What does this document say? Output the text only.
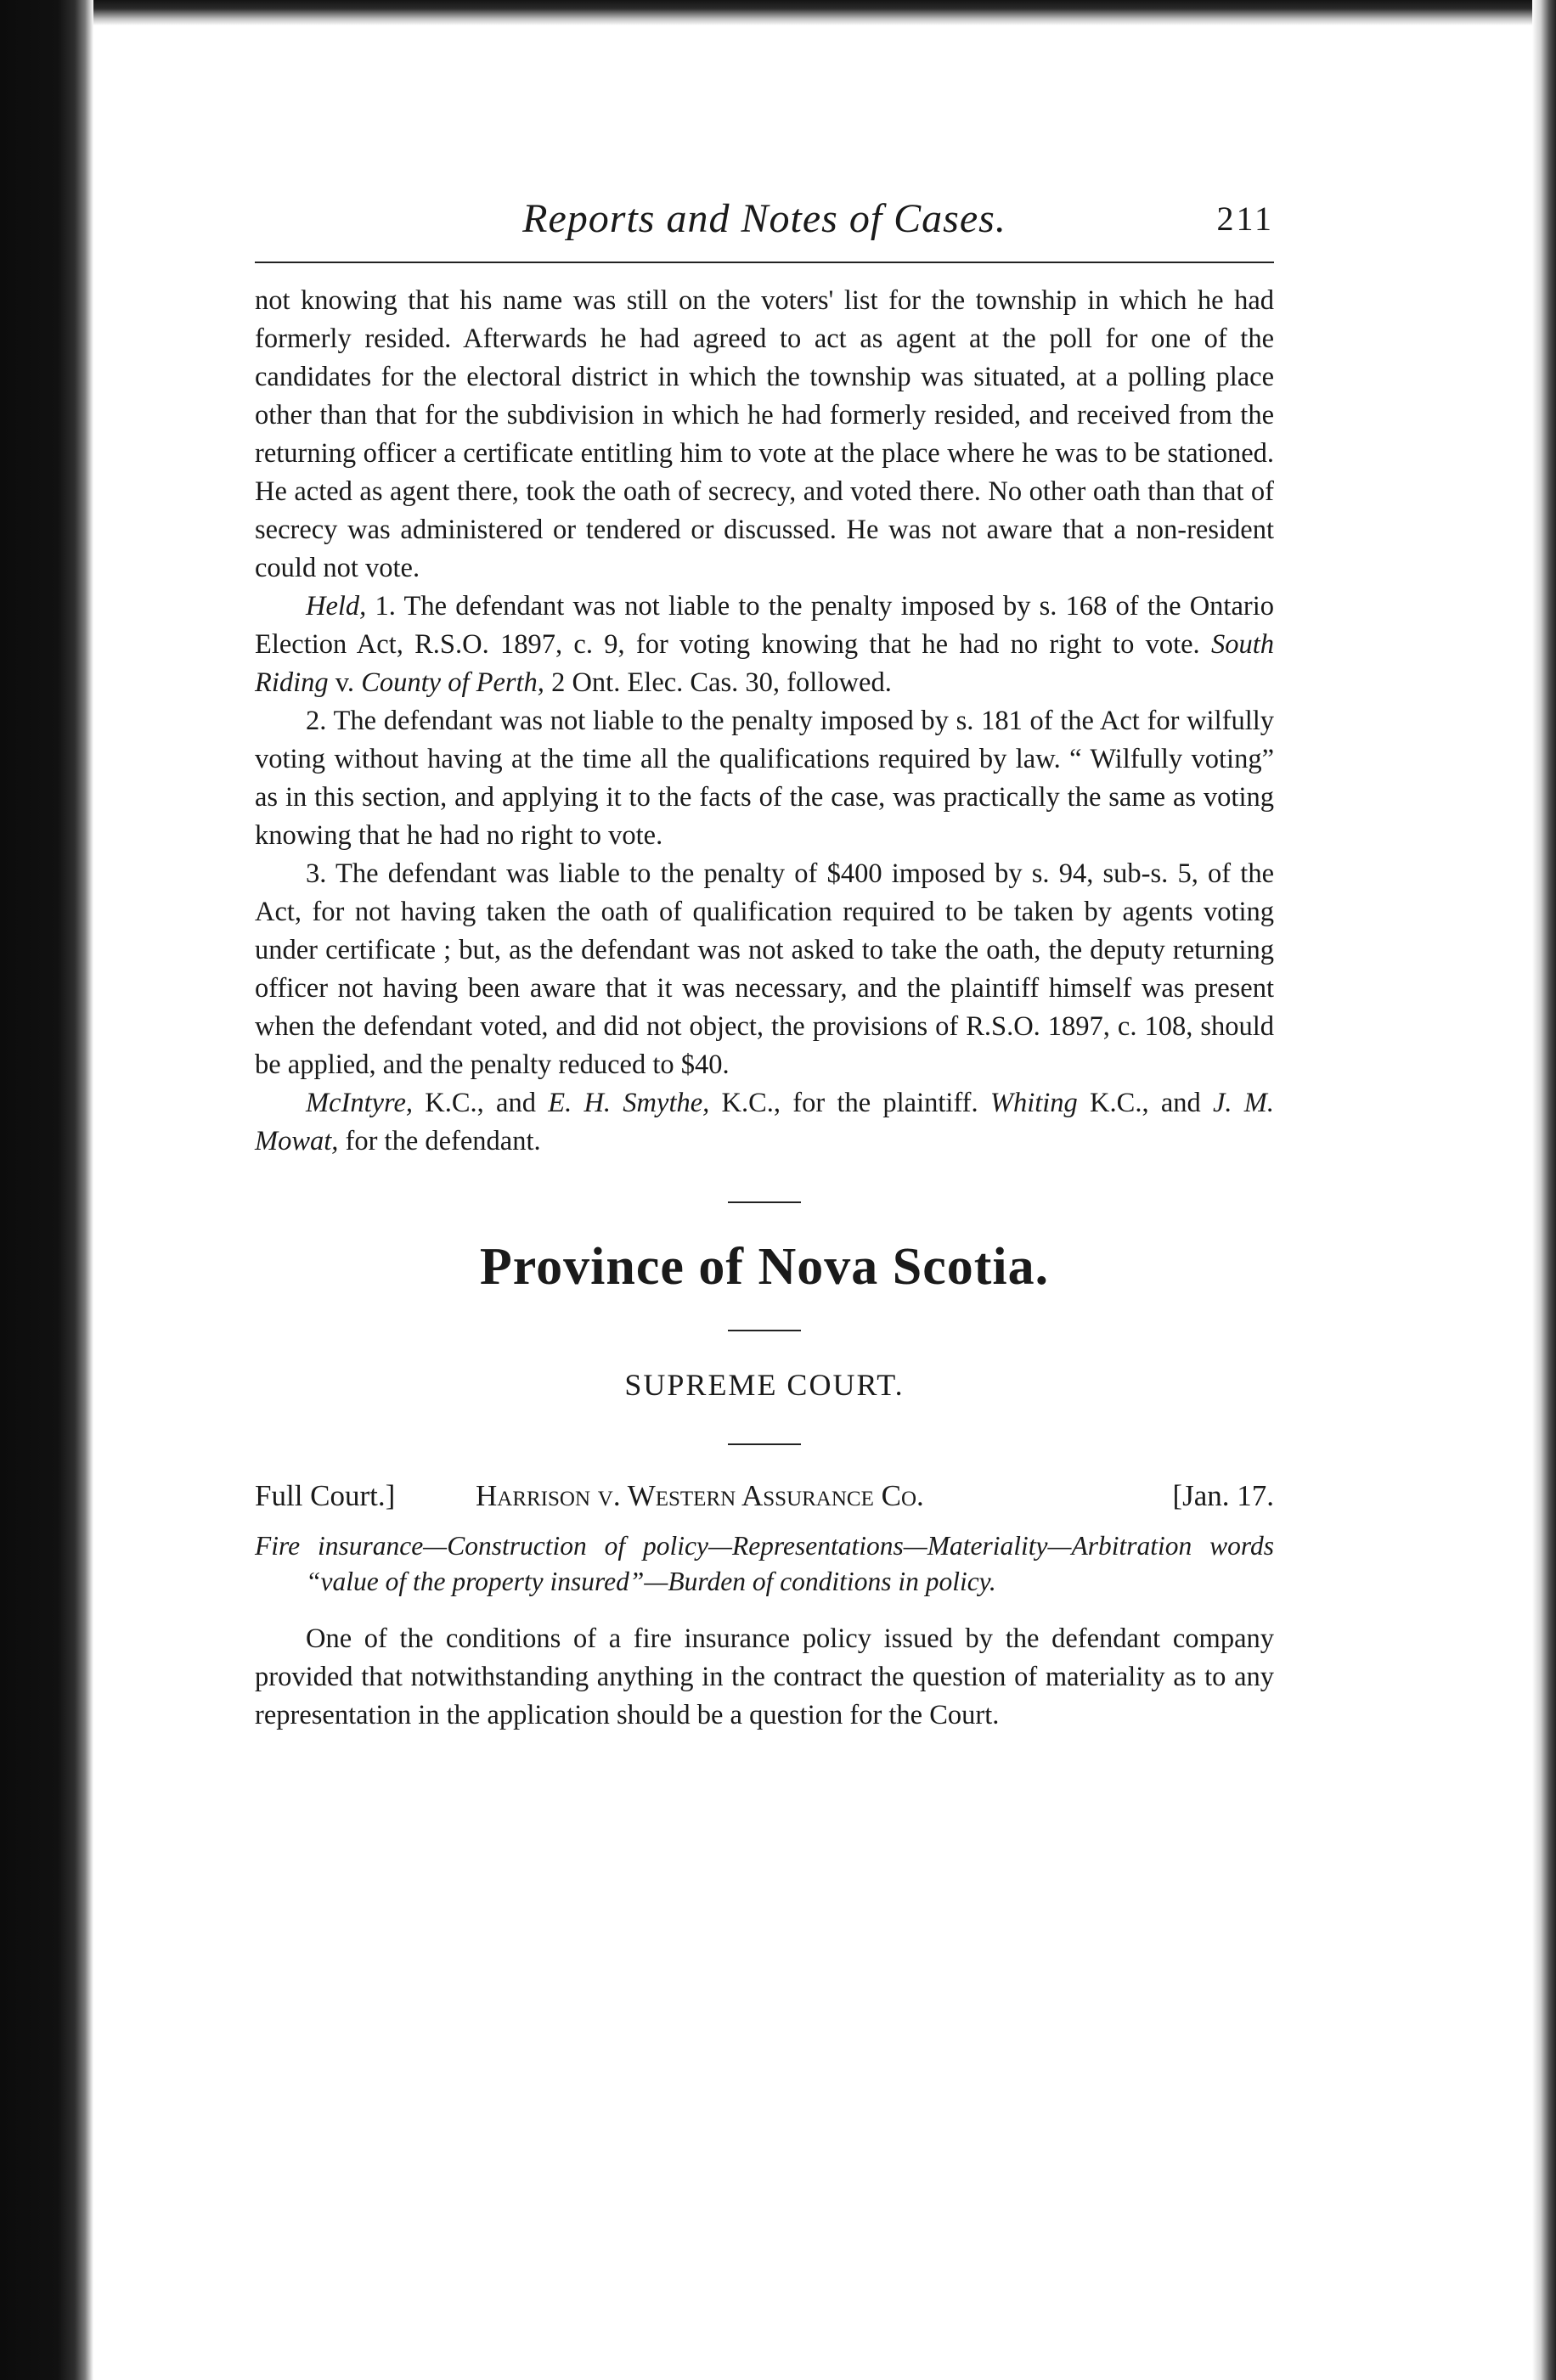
Reports and Notes of Cases.	211

not knowing that his name was still on the voters' list for the township in which he had formerly resided. Afterwards he had agreed to act as agent at the poll for one of the candidates for the electoral district in which the township was situated, at a polling place other than that for the subdivision in which he had formerly resided, and received from the returning officer a certificate entitling him to vote at the place where he was to be stationed. He acted as agent there, took the oath of secrecy, and voted there. No other oath than that of secrecy was administered or tendered or discussed. He was not aware that a non-resident could not vote.

Held, 1. The defendant was not liable to the penalty imposed by s. 168 of the Ontario Election Act, R.S.O. 1897, c. 9, for voting knowing that he had no right to vote. South Riding v. County of Perth, 2 Ont. Elec. Cas. 30, followed.

2. The defendant was not liable to the penalty imposed by s. 181 of the Act for wilfully voting without having at the time all the qualifications required by law. “ Wilfully voting” as in this section, and applying it to the facts of the case, was practically the same as voting knowing that he had no right to vote.

3. The defendant was liable to the penalty of $400 imposed by s. 94, sub-s. 5, of the Act, for not having taken the oath of qualification required to be taken by agents voting under certificate ; but, as the defendant was not asked to take the oath, the deputy returning officer not having been aware that it was necessary, and the plaintiff himself was present when the defendant voted, and did not object, the provisions of R.S.O. 1897, c. 108, should be applied, and the penalty reduced to $40.

McIntyre, K.C., and E. H. Smythe, K.C., for the plaintiff. Whiting K.C., and J. M. Mowat, for the defendant.

Province of Nova Scotia.
SUPREME COURT.
Full Court.]	Harrison v. Western Assurance Co.	[Jan. 17.

Fire insurance—Construction of policy—Representations—Materiality—Arbitration words “value of the property insured”—Burden of conditions in policy.

One of the conditions of a fire insurance policy issued by the defendant company provided that notwithstanding anything in the contract the question of materiality as to any representation in the application should be a question for the Court.
